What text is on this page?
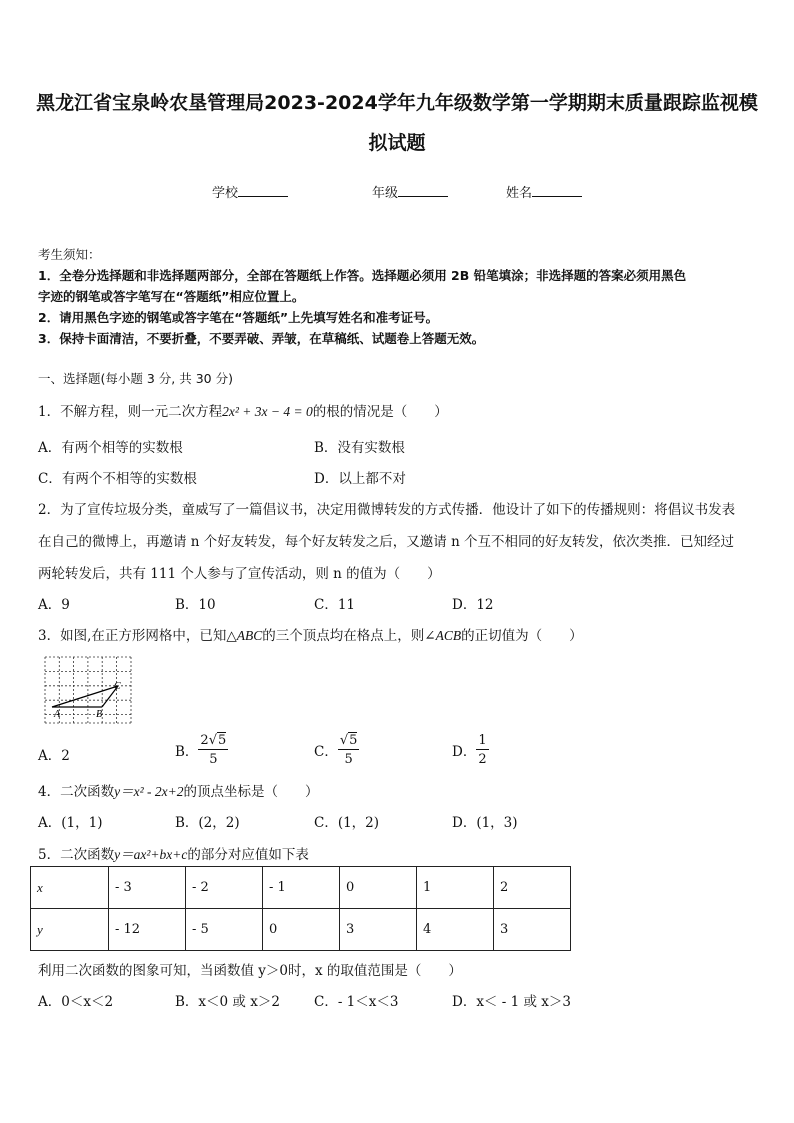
黑龙江省宝泉岭农垦管理局2023-2024学年九年级数学第一学期期末质量跟踪监视模
拟试题
学校	年级	姓名
考生须知：
1．全卷分选择题和非选择题两部分，全部在答题纸上作答。选择题必须用 2B 铅笔填涂；非选择题的答案必须用黑色
字迹的钢笔或答字笔写在“答题纸”相应位置上。
2．请用黑色字迹的钢笔或答字笔在“答题纸”上先填写姓名和准考证号。
3．保持卡面清洁，不要折叠，不要弄破、弄皱，在草稿纸、试题卷上答题无效。
一、选择题(每小题 3 分, 共 30 分)
1．不解方程，则一元二次方程2x² + 3x − 4 = 0的根的情况是（　　）
A．有两个相等的实数根	B．没有实数根
C．有两个不相等的实数根	D．以上都不对
2．为了宣传垃圾分类，童威写了一篇倡议书，决定用微博转发的方式传播．他设计了如下的传播规则：将倡议书发表
在自己的微博上，再邀请 n 个好友转发，每个好友转发之后，又邀请 n 个互不相同的好友转发，依次类推．已知经过
两轮转发后，共有 111 个人参与了宣传活动，则 n 的值为（　　）
A．9	B．10	C．11	D．12
3．如图,在正方形网格中，已知△ABC的三个顶点均在格点上，则∠ACB的正切值为（　　）
A	B
C
A．2	B． $\frac{2√5}{5}$	C． $\frac{√5}{5}$	D． $\frac{1}{2}$
4．二次函数y＝x² - 2x+2的顶点坐标是（　　）
A．(1，1)	B．(2，2)	C．(1，2)	D．(1，3)
5．二次函数y＝ax²+bx+c的部分对应值如下表
x	- 3	- 2	- 1	0	1	2
y	- 12	- 5	0	3	4	3
利用二次函数的图象可知，当函数值 y＞0时，x 的取值范围是（　　）
A．0＜x＜2	B．x＜0 或 x＞2	C．- 1＜x＜3	D．x＜ - 1 或 x＞3
